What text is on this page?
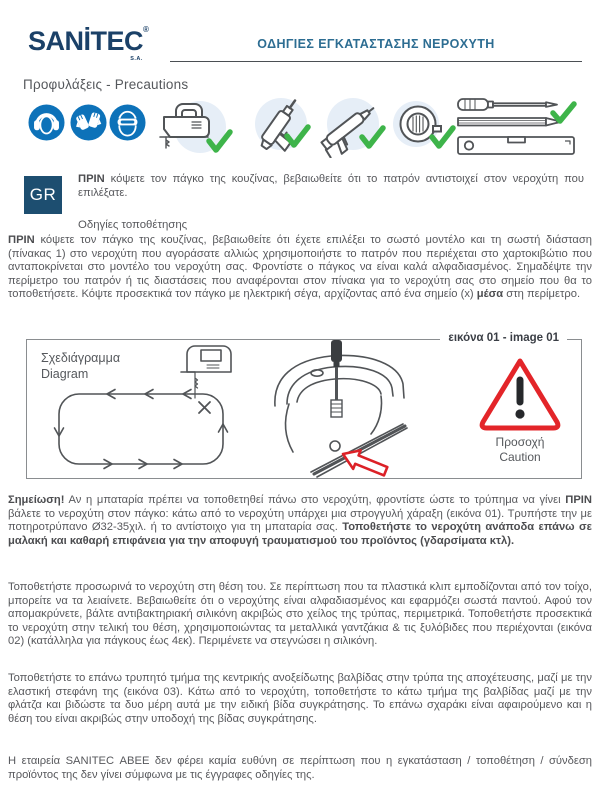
SANİTEC®
S.A.
ΟΔΗΓΙΕΣ ΕΓΚΑΤΑΣΤΑΣΗΣ ΝΕΡΟΧΥΤΗ
Προφυλάξεις - Precautions
GR

ΠΡΙΝ κόψετε τον πάγκο της κουζίνας, βεβαιωθείτε ότι το πατρόν αντιστοιχεί στον νεροχύτη που επιλέξατε.

Οδηγίες τοποθέτησης

ΠΡΙΝ κόψετε τον πάγκο της κουζίνας, βεβαιωθείτε ότι έχετε επιλέξει το σωστό μοντέλο και τη σωστή διάσταση (πίνακας 1) στο νεροχύτη που αγοράσατε αλλιώς χρησιμοποιήστε το πατρόν που περιέχεται στο χαρτοκιβώτιο που ανταποκρίνεται στο μοντέλο του νεροχύτη σας. Φροντίστε ο πάγκος να είναι καλά αλφαδιασμένος. Σημαδέψτε την περίμετρο του πατρόν ή τις διαστάσεις που αναφέρονται στον πίνακα για το νεροχύτη σας στο σημείο που θα το τοποθετήσετε. Κόψτε προσεκτικά τον πάγκο με ηλεκτρική σέγα, αρχίζοντας από ένα σημείο (x) μέσα στη περίμετρο.

εικόνα 01 - image 01
Σχεδιάγραμμα
Diagram
Προσοχή
Caution

Σημείωση! Αν η μπαταρία πρέπει να τοποθετηθεί πάνω στο νεροχύτη, φροντίστε ώστε το τρύπημα να γίνει ΠΡΙΝ βάλετε το νεροχύτη στον πάγκο: κάτω από το νεροχύτη υπάρχει μια στρογγυλή χάραξη (εικόνα 01). Τρυπήστε την με ποτηροτρύπανο Ø32-35χιλ. ή το αντίστοιχο για τη μπαταρία σας. Τοποθετήστε το νεροχύτη ανάποδα επάνω σε μαλακή και καθαρή επιφάνεια για την αποφυγή τραυματισμού του προϊόντος (γδαρσίματα κτλ).

Τοποθετήστε προσωρινά το νεροχύτη στη θέση του. Σε περίπτωση που τα πλαστικά κλιπ εμποδίζονται από τον τοίχο, μπορείτε να τα λειαίνετε. Βεβαιωθείτε ότι ο νεροχύτης είναι αλφαδιασμένος και εφαρμόζει σωστά παντού. Αφού τον απομακρύνετε, βάλτε αντιβακτηριακή σιλικόνη ακριβώς στο χείλος της τρύπας, περιμετρικά. Τοποθετήστε προσεκτικά το νεροχύτη στην τελική του θέση, χρησιμοποιώντας τα μεταλλικά γαντζάκια & τις ξυλόβιδες που περιέχονται (εικόνα 02) (κατάλληλα για πάγκους έως 4εκ). Περιμένετε να στεγνώσει η σιλικόνη.

Τοποθετήστε το επάνω τρυπητό τμήμα της κεντρικής ανοξείδωτης βαλβίδας στην τρύπα της αποχέτευσης, μαζί με την ελαστική στεφάνη της (εικόνα 03). Κάτω από το νεροχύτη, τοποθετήστε το κάτω τμήμα της βαλβίδας μαζί με την φλάτζα και βιδώστε τα δυο μέρη αυτά με την ειδική βίδα συγκράτησης. Το επάνω σχαράκι είναι αφαιρούμενο και η θέση του είναι ακριβώς στην υποδοχή της βίδας συγκράτησης.

Η εταιρεία SANITEC ΑΒΕΕ δεν φέρει καμία ευθύνη σε περίπτωση που η εγκατάσταση / τοποθέτηση / σύνδεση προϊόντος της δεν γίνει σύμφωνα με τις έγγραφες οδηγίες της.
